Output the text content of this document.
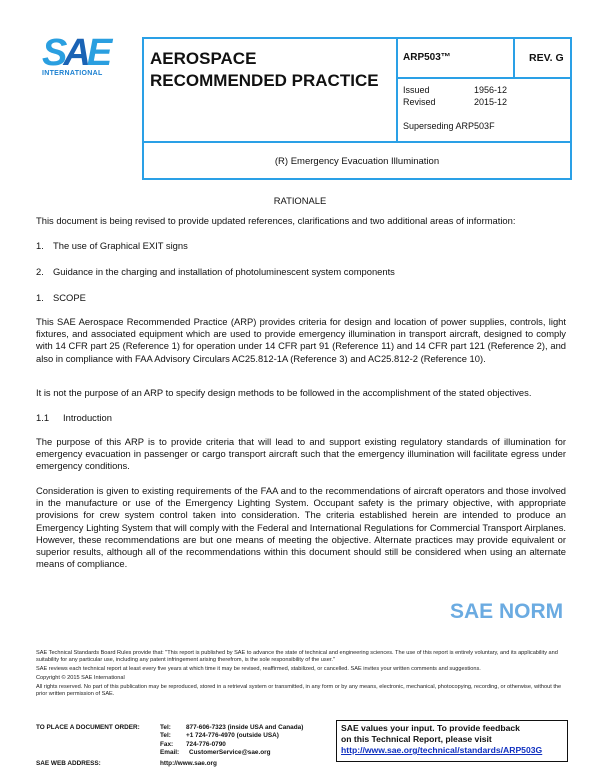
SAE
INTERNATIONAL
AEROSPACE
RECOMMENDED PRACTICE
ARP503™	REV. G
Issued	1956-12
Revised	2015-12
Superseding ARP503F
(R) Emergency Evacuation Illumination
RATIONALE
This document is being revised to provide updated references, clarifications and two additional areas of information:
1. The use of Graphical EXIT signs
2. Guidance in the charging and installation of photoluminescent system components
1. SCOPE
This SAE Aerospace Recommended Practice (ARP) provides criteria for design and location of power supplies, controls, light fixtures, and associated equipment which are used to provide emergency illumination in transport aircraft, designed to comply with 14 CFR part 25 (Reference 1) for operation under 14 CFR part 91 (Reference 11) and 14 CFR part 121 (Reference 2), and also in compliance with FAA Advisory Circulars AC25.812-1A (Reference 3) and AC25.812-2 (Reference 10).
It is not the purpose of an ARP to specify design methods to be followed in the accomplishment of the stated objectives.
1.1 Introduction
The purpose of this ARP is to provide criteria that will lead to and support existing regulatory standards of illumination for emergency evacuation in passenger or cargo transport aircraft such that the emergency illumination will facilitate egress under emergency conditions.
Consideration is given to existing requirements of the FAA and to the recommendations of aircraft operators and those involved in the manufacture or use of the Emergency Lighting System. Occupant safety is the primary objective, with appropriate provisions for crew system control taken into consideration. The criteria established herein are intended to produce an Emergency Lighting System that will comply with the Federal and International Regulations for Commercial Transport Airplanes. However, these recommendations are but one means of meeting the objective. Alternate practices may provide equivalent or superior results, although all of the recommendations within this document should still be considered when using an alternate means of compliance.
SAE NORM
SAE Technical Standards Board Rules provide that: "This report is published by SAE to advance the state of technical and engineering sciences. The use of this report is entirely voluntary, and its applicability and suitability for any particular use, including any patent infringement arising therefrom, is the sole responsibility of the user."
SAE reviews each technical report at least every five years at which time it may be revised, reaffirmed, stabilized, or cancelled. SAE invites your written comments and suggestions.
Copyright © 2015 SAE International
All rights reserved. No part of this publication may be reproduced, stored in a retrieval system or transmitted, in any form or by any means, electronic, mechanical, photocopying, recording, or otherwise, without the prior written permission of SAE.
TO PLACE A DOCUMENT ORDER:	Tel: 877-606-7323 (inside USA and Canada)
Tel: +1 724-776-4970 (outside USA)
Fax: 724-776-0790
Email: CustomerService@sae.org
SAE WEB ADDRESS:	http://www.sae.org
SAE values your input. To provide feedback
on this Technical Report, please visit
http://www.sae.org/technical/standards/ARP503G
